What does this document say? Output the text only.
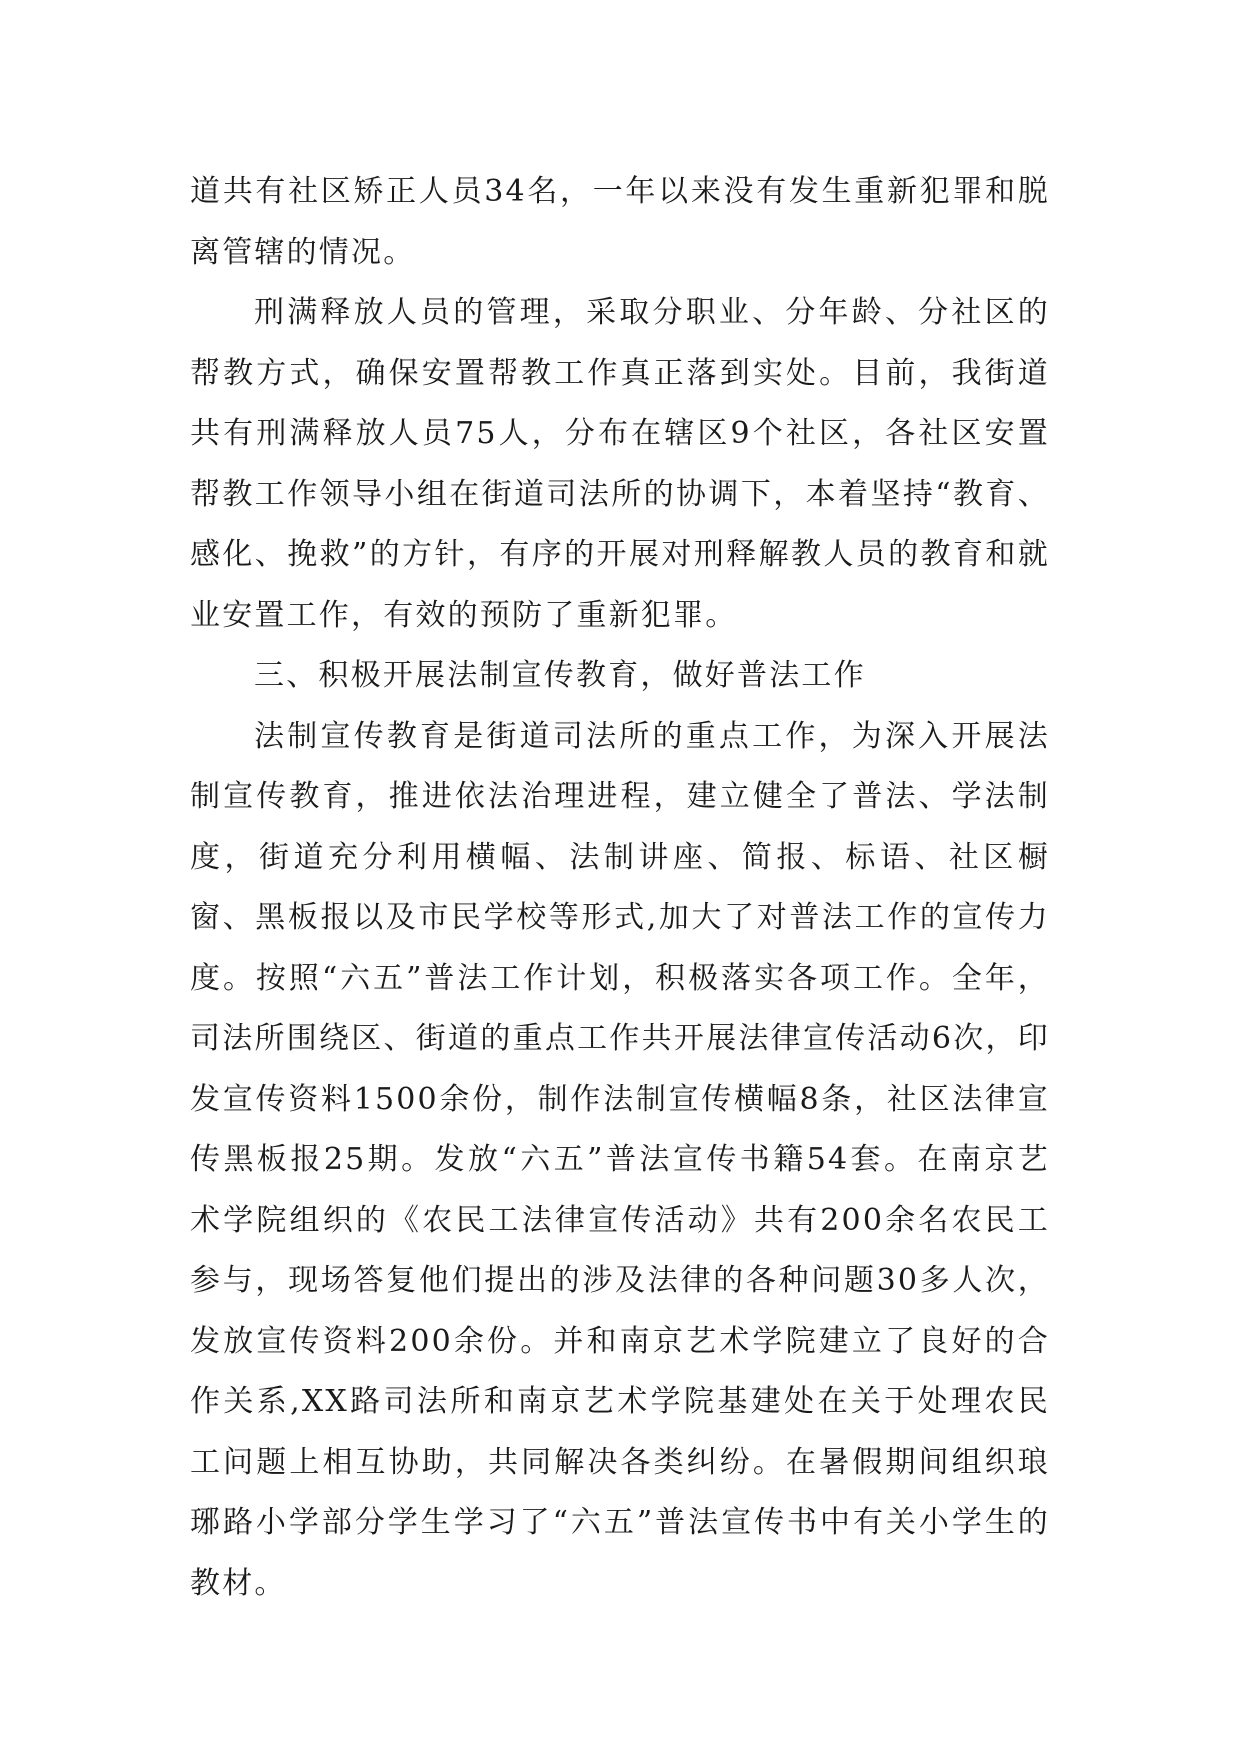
道共有社区矫正人员34名，一年以来没有发生重新犯罪和脱离管辖的情况。

刑满释放人员的管理，采取分职业、分年龄、分社区的帮教方式，确保安置帮教工作真正落到实处。目前，我街道共有刑满释放人员75人，分布在辖区9个社区，各社区安置帮教工作领导小组在街道司法所的协调下，本着坚持“教育、感化、挽救”的方针，有序的开展对刑释解教人员的教育和就业安置工作，有效的预防了重新犯罪。

三、积极开展法制宣传教育，做好普法工作

法制宣传教育是街道司法所的重点工作，为深入开展法制宣传教育，推进依法治理进程，建立健全了普法、学法制度，街道充分利用横幅、法制讲座、简报、标语、社区橱窗、黑板报以及市民学校等形式,加大了对普法工作的宣传力度。按照“六五”普法工作计划，积极落实各项工作。全年，司法所围绕区、街道的重点工作共开展法律宣传活动6次，印发宣传资料1500余份，制作法制宣传横幅8条，社区法律宣传黑板报25期。发放“六五”普法宣传书籍54套。在南京艺术学院组织的《农民工法律宣传活动》共有200余名农民工参与，现场答复他们提出的涉及法律的各种问题30多人次，发放宣传资料200余份。并和南京艺术学院建立了良好的合作关系,XX路司法所和南京艺术学院基建处在关于处理农民工问题上相互协助，共同解决各类纠纷。在暑假期间组织琅琊路小学部分学生学习了“六五”普法宣传书中有关小学生的教材。
